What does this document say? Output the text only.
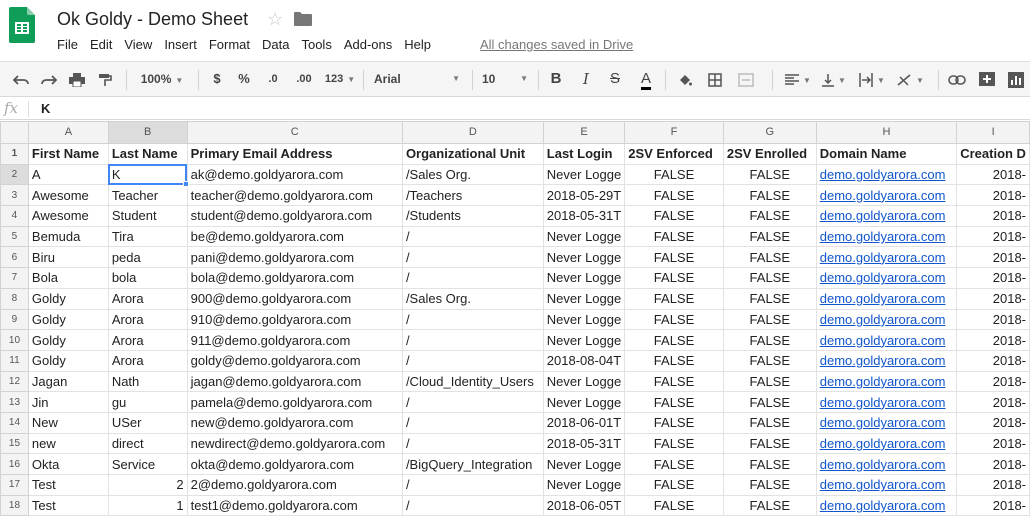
Ok Goldy - Demo Sheet ☆
File Edit View Insert Format Data Tools Add-ons Help	All changes saved in Drive
100% ▼	$	%	.0	.00	123 ▼ Arial	▼ 10	▼	B	I	S	A	▼	▼	▼	▼
fx K
	A	B	C	D	E	F	G	H	I
1	First Name	Last Name	Primary Email Address	Organizational Unit	Last Login	2SV Enforced	2SV Enrolled	Domain Name	Creation D
2	A	K	ak@demo.goldyarora.com	/Sales Org.	Never Logge	FALSE	FALSE	demo.goldyarora.com	2018-
3	Awesome	Teacher	teacher@demo.goldyarora.com	/Teachers	2018-05-29T	FALSE	FALSE	demo.goldyarora.com	2018-
4	Awesome	Student	student@demo.goldyarora.com	/Students	2018-05-31T	FALSE	FALSE	demo.goldyarora.com	2018-
5	Bemuda	Tira	be@demo.goldyarora.com	/	Never Logge	FALSE	FALSE	demo.goldyarora.com	2018-
6	Biru	peda	pani@demo.goldyarora.com	/	Never Logge	FALSE	FALSE	demo.goldyarora.com	2018-
7	Bola	bola	bola@demo.goldyarora.com	/	Never Logge	FALSE	FALSE	demo.goldyarora.com	2018-
8	Goldy	Arora	900@demo.goldyarora.com	/Sales Org.	Never Logge	FALSE	FALSE	demo.goldyarora.com	2018-
9	Goldy	Arora	910@demo.goldyarora.com	/	Never Logge	FALSE	FALSE	demo.goldyarora.com	2018-
10	Goldy	Arora	911@demo.goldyarora.com	/	Never Logge	FALSE	FALSE	demo.goldyarora.com	2018-
11	Goldy	Arora	goldy@demo.goldyarora.com	/	2018-08-04T	FALSE	FALSE	demo.goldyarora.com	2018-
12	Jagan	Nath	jagan@demo.goldyarora.com	/Cloud_Identity_Users	Never Logge	FALSE	FALSE	demo.goldyarora.com	2018-
13	Jin	gu	pamela@demo.goldyarora.com	/	Never Logge	FALSE	FALSE	demo.goldyarora.com	2018-
14	New	USer	new@demo.goldyarora.com	/	2018-06-01T	FALSE	FALSE	demo.goldyarora.com	2018-
15	new	direct	newdirect@demo.goldyarora.com	/	2018-05-31T	FALSE	FALSE	demo.goldyarora.com	2018-
16	Okta	Service	okta@demo.goldyarora.com	/BigQuery_Integration	Never Logge	FALSE	FALSE	demo.goldyarora.com	2018-
17	Test	2	2@demo.goldyarora.com	/	Never Logge	FALSE	FALSE	demo.goldyarora.com	2018-
18	Test	1	test1@demo.goldyarora.com	/	2018-06-05T	FALSE	FALSE	demo.goldyarora.com	2018-
